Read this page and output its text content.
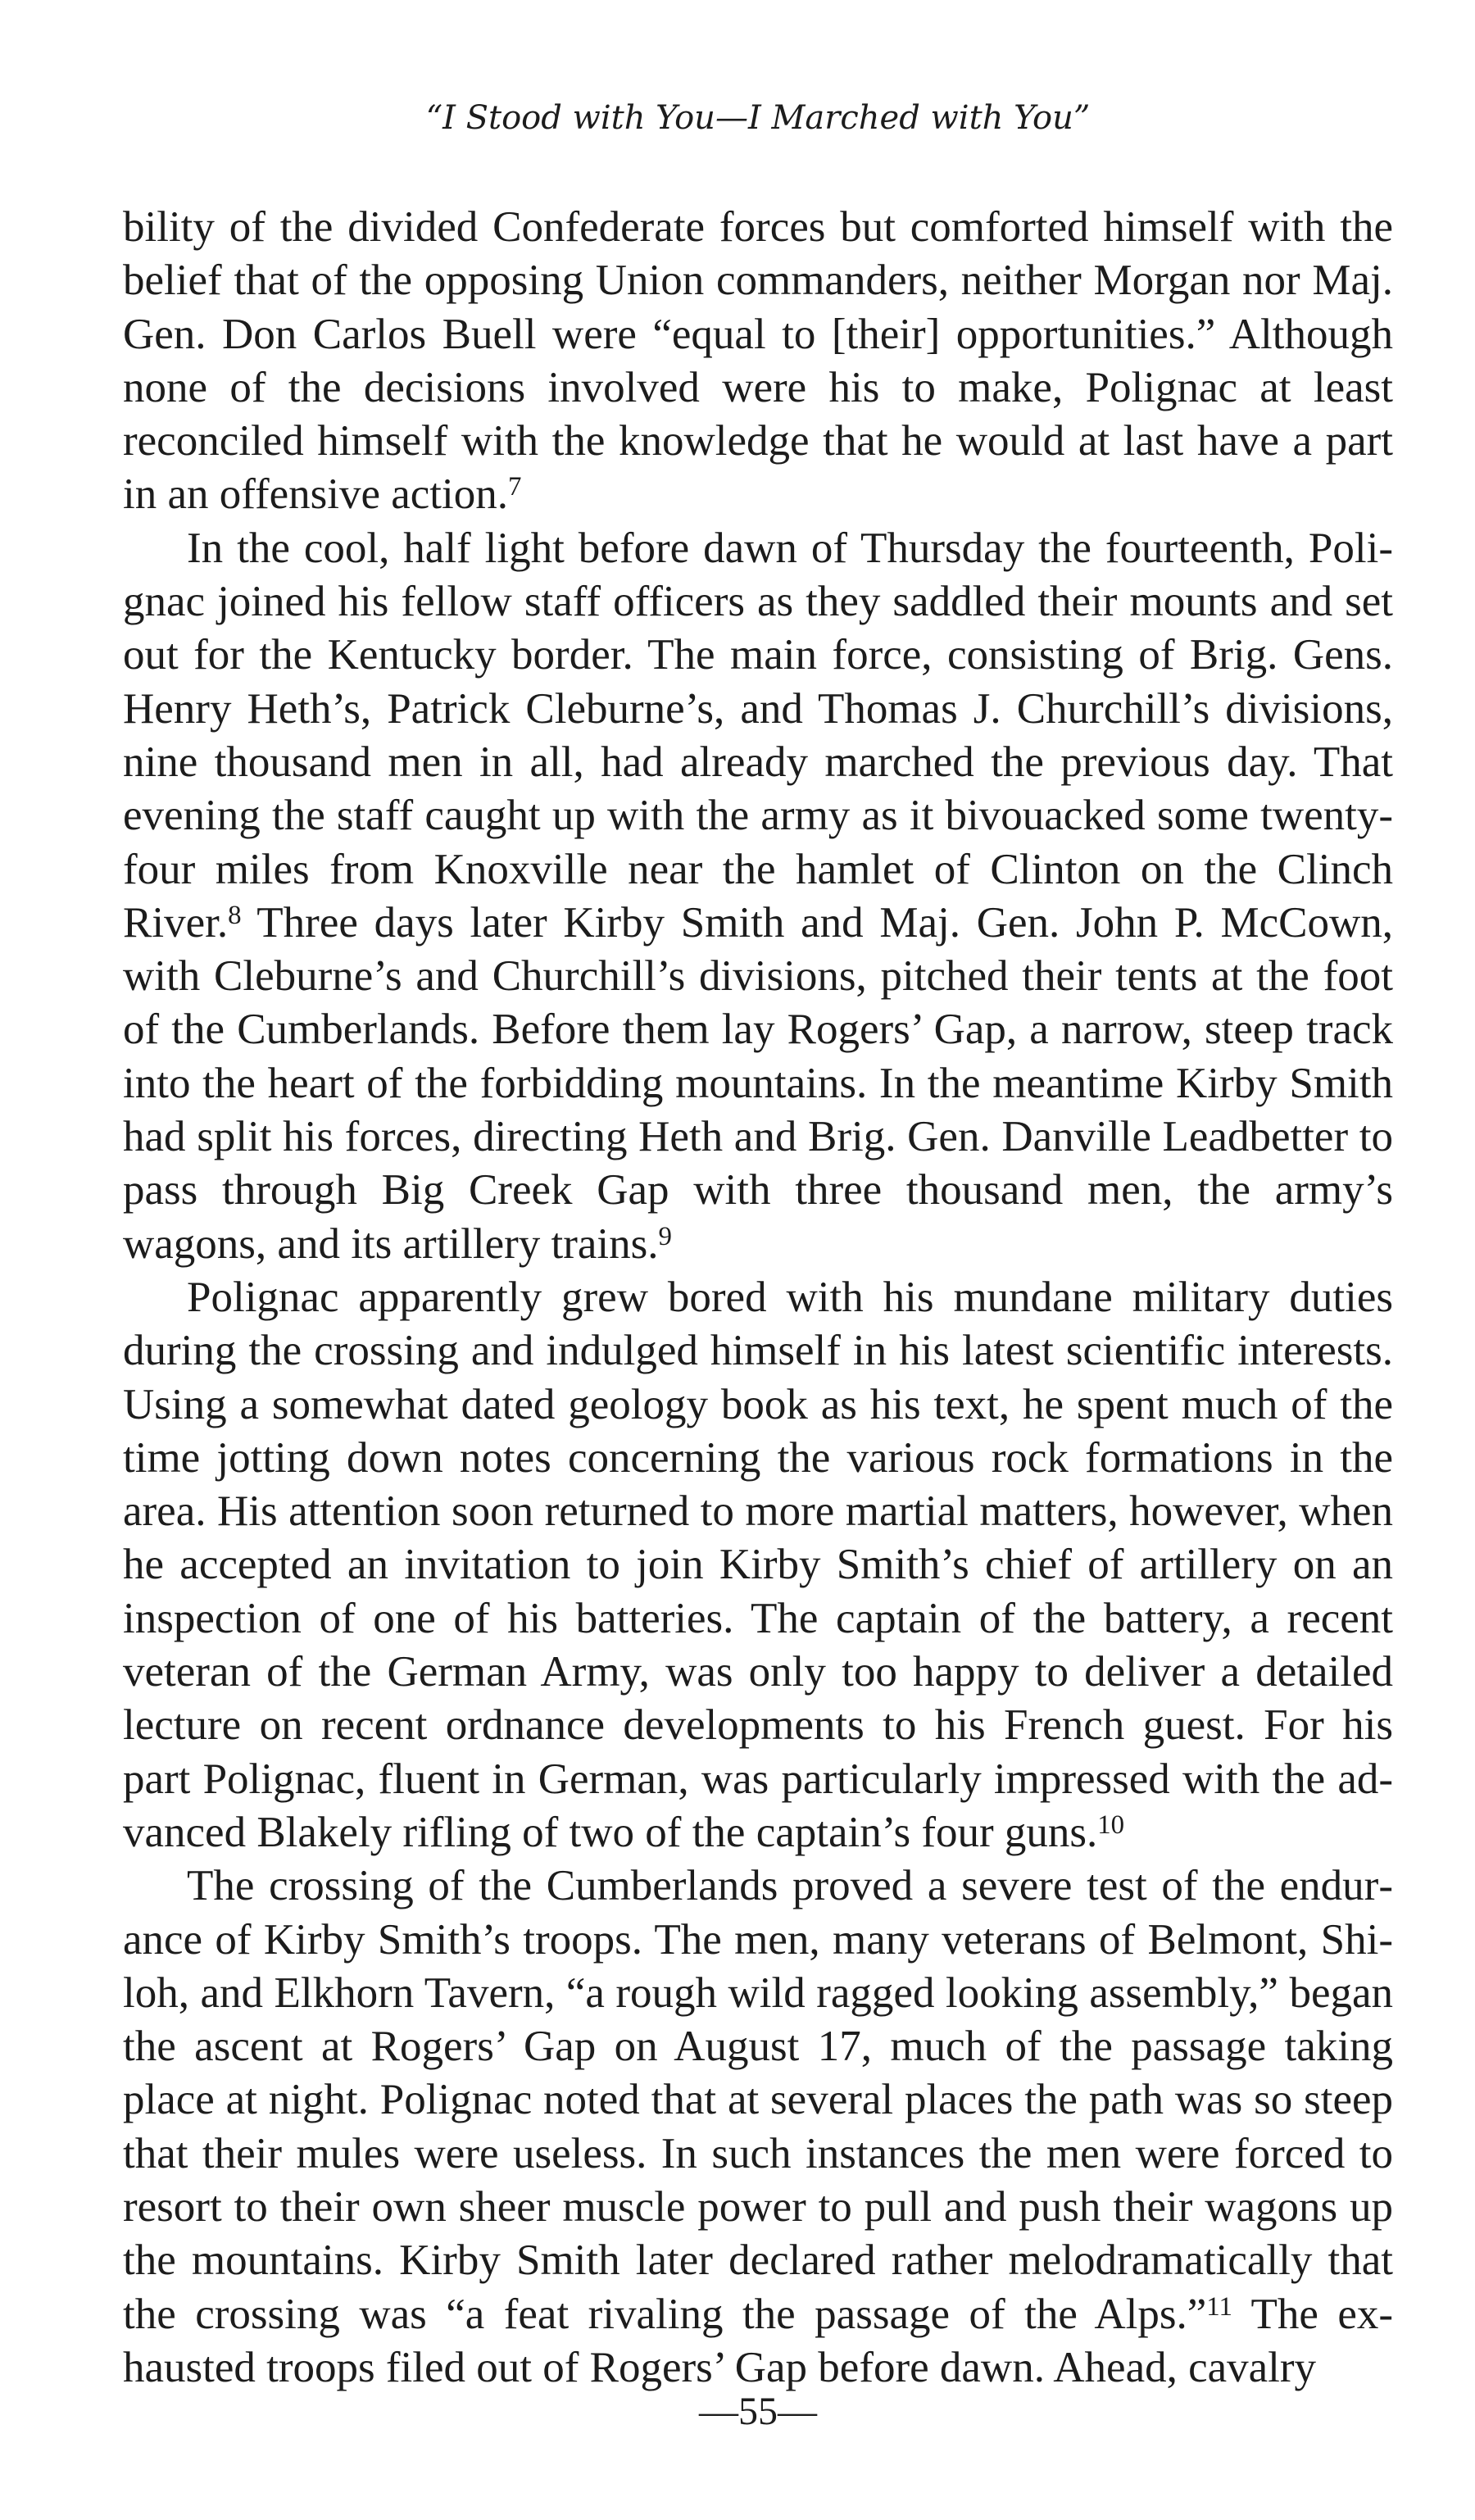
“I Stood with You—I Marched with You”

bility of the divided Confederate forces but comforted himself with the belief that of the opposing Union commanders, neither Morgan nor Maj. Gen. Don Carlos Buell were “equal to [their] opportunities.” Although none of the decisions involved were his to make, Polignac at least reconciled himself with the knowledge that he would at last have a part in an offensive action.$^7$

In the cool, half light before dawn of Thursday the fourteenth, Polignac joined his fellow staff officers as they saddled their mounts and set out for the Kentucky border. The main force, consisting of Brig. Gens. Henry Heth’s, Patrick Cleburne’s, and Thomas J. Churchill’s divisions, nine thousand men in all, had already marched the previous day. That evening the staff caught up with the army as it bivouacked some twenty-four miles from Knoxville near the hamlet of Clinton on the Clinch River.$^8$ Three days later Kirby Smith and Maj. Gen. John P. McCown, with Cleburne’s and Churchill’s divisions, pitched their tents at the foot of the Cumberlands. Before them lay Rogers’ Gap, a narrow, steep track into the heart of the forbidding mountains. In the meantime Kirby Smith had split his forces, directing Heth and Brig. Gen. Danville Leadbetter to pass through Big Creek Gap with three thousand men, the army’s wagons, and its artillery trains.$^9$

Polignac apparently grew bored with his mundane military duties during the crossing and indulged himself in his latest scientific interests. Using a somewhat dated geology book as his text, he spent much of the time jotting down notes concerning the various rock formations in the area. His attention soon returned to more martial matters, however, when he accepted an invitation to join Kirby Smith’s chief of artillery on an inspection of one of his batteries. The captain of the battery, a recent veteran of the German Army, was only too happy to deliver a detailed lecture on recent ordnance developments to his French guest. For his part Polignac, fluent in German, was particularly impressed with the advanced Blakely rifling of two of the captain’s four guns.$^{10}$

The crossing of the Cumberlands proved a severe test of the endurance of Kirby Smith’s troops. The men, many veterans of Belmont, Shiloh, and Elkhorn Tavern, “a rough wild ragged looking assembly,” began the ascent at Rogers’ Gap on August 17, much of the passage taking place at night. Polignac noted that at several places the path was so steep that their mules were useless. In such instances the men were forced to resort to their own sheer muscle power to pull and push their wagons up the mountains. Kirby Smith later declared rather melodramatically that the crossing was “a feat rivaling the passage of the Alps.”$^{11}$ The exhausted troops filed out of Rogers’ Gap before dawn. Ahead, cavalry

—55—
